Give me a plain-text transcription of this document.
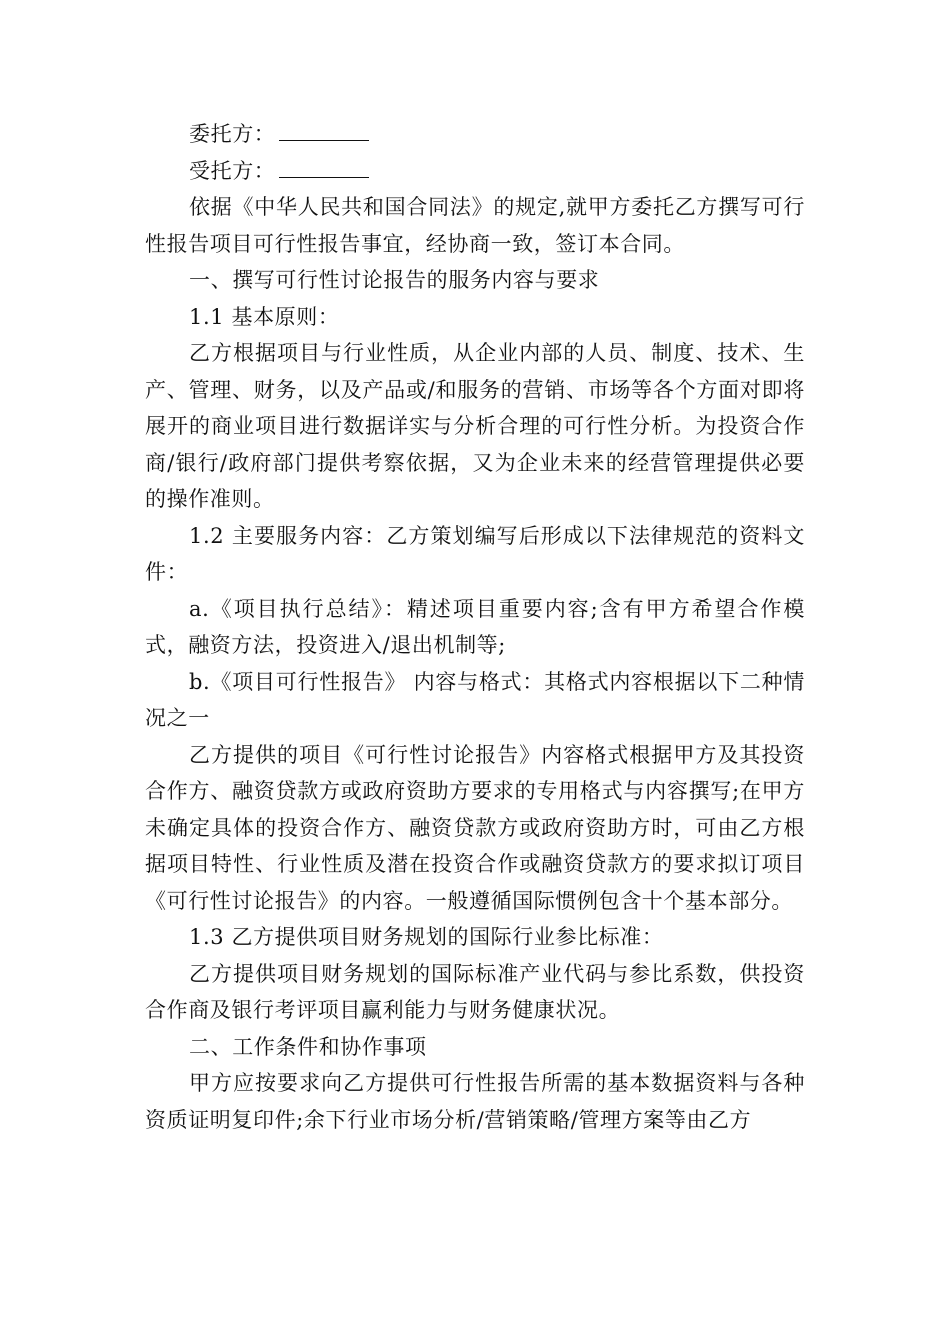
委托方：

受托方：

依据《中华人民共和国合同法》的规定,就甲方委托乙方撰写可行性报告项目可行性报告事宜，经协商一致，签订本合同。

一、撰写可行性讨论报告的服务内容与要求

1.1 基本原则：

乙方根据项目与行业性质，从企业内部的人员、制度、技术、生产、管理、财务，以及产品或/和服务的营销、市场等各个方面对即将展开的商业项目进行数据详实与分析合理的可行性分析。为投资合作商/银行/政府部门提供考察依据，又为企业未来的经营管理提供必要的操作准则。

1.2 主要服务内容：乙方策划编写后形成以下法律规范的资料文件：

a.《项目执行总结》：精述项目重要内容;含有甲方希望合作模式，融资方法，投资进入/退出机制等;

b.《项目可行性报告》 内容与格式：其格式内容根据以下二种情况之一

乙方提供的项目《可行性讨论报告》内容格式根据甲方及其投资合作方、融资贷款方或政府资助方要求的专用格式与内容撰写;在甲方未确定具体的投资合作方、融资贷款方或政府资助方时，可由乙方根据项目特性、行业性质及潜在投资合作或融资贷款方的要求拟订项目《可行性讨论报告》的内容。一般遵循国际惯例包含十个基本部分。

1.3 乙方提供项目财务规划的国际行业参比标准：

乙方提供项目财务规划的国际标准产业代码与参比系数，供投资合作商及银行考评项目赢利能力与财务健康状况。

二、工作条件和协作事项

甲方应按要求向乙方提供可行性报告所需的基本数据资料与各种资质证明复印件;余下行业市场分析/营销策略/管理方案等由乙方
